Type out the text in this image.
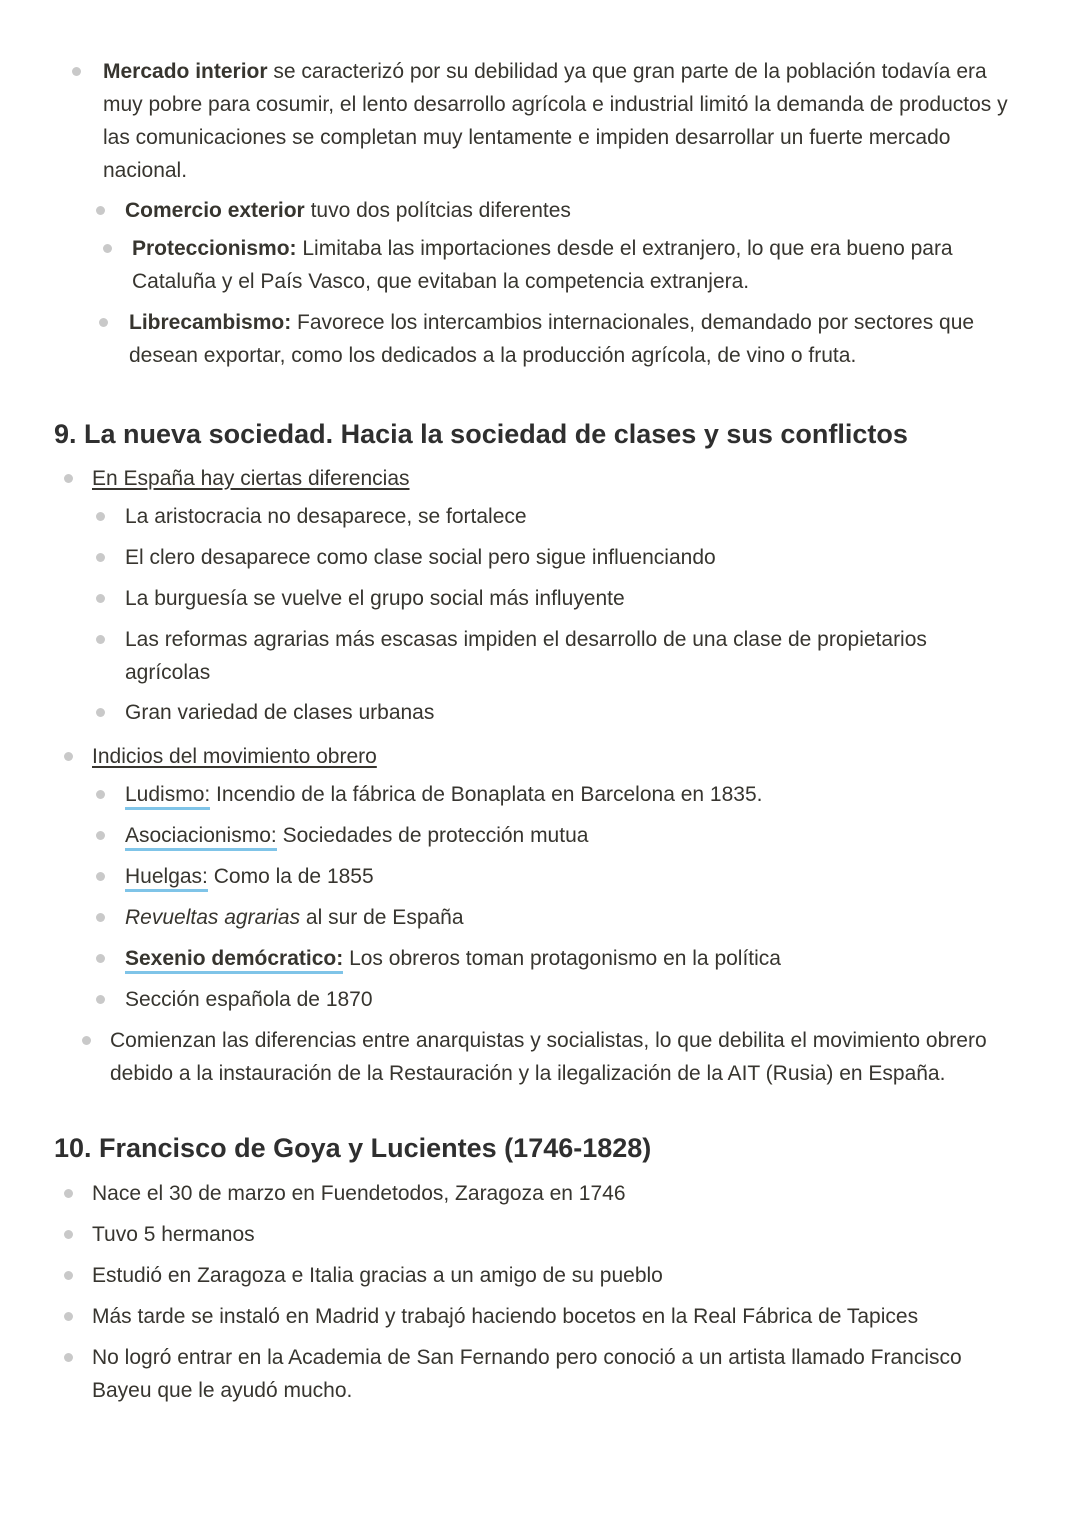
Mercado interior se caracterizó por su debilidad ya que gran parte de la población todavía era muy pobre para cosumir, el lento desarrollo agrícola e industrial limitó la demanda de productos y las comunicaciones se completan muy lentamente e impiden desarrollar un fuerte mercado nacional.
Comercio exterior tuvo dos polítcias diferentes
Proteccionismo: Limitaba las importaciones desde el extranjero, lo que era bueno para Cataluña y el País Vasco, que evitaban la competencia extranjera.
Librecambismo: Favorece los intercambios internacionales, demandado por sectores que desean exportar, como los dedicados a la producción agrícola, de vino o fruta.
9. La nueva sociedad. Hacia la sociedad de clases y sus conflictos
En España hay ciertas diferencias
La aristocracia no desaparece, se fortalece
El clero desaparece como clase social pero sigue influenciando
La burguesía se vuelve el grupo social más influyente
Las reformas agrarias más escasas impiden el desarrollo de una clase de propietarios agrícolas
Gran variedad de clases urbanas
Indicios del movimiento obrero
Ludismo: Incendio de la fábrica de Bonaplata en Barcelona en 1835.
Asociacionismo: Sociedades de protección mutua
Huelgas: Como la de 1855
Revueltas agrarias al sur de España
Sexenio demócratico: Los obreros toman protagonismo en la política
Sección española de 1870
Comienzan las diferencias entre anarquistas y socialistas, lo que debilita el movimiento obrero debido a la instauración de la Restauración y la ilegalización de la AIT (Rusia) en España.
10. Francisco de Goya y Lucientes (1746-1828)
Nace el 30 de marzo en Fuendetodos, Zaragoza en 1746
Tuvo 5 hermanos
Estudió en Zaragoza e Italia gracias a un amigo de su pueblo
Más tarde se instaló en Madrid y trabajó haciendo bocetos en la Real Fábrica de Tapices
No logró entrar en la Academia de San Fernando pero conoció a un artista llamado Francisco Bayeu que le ayudó mucho.
